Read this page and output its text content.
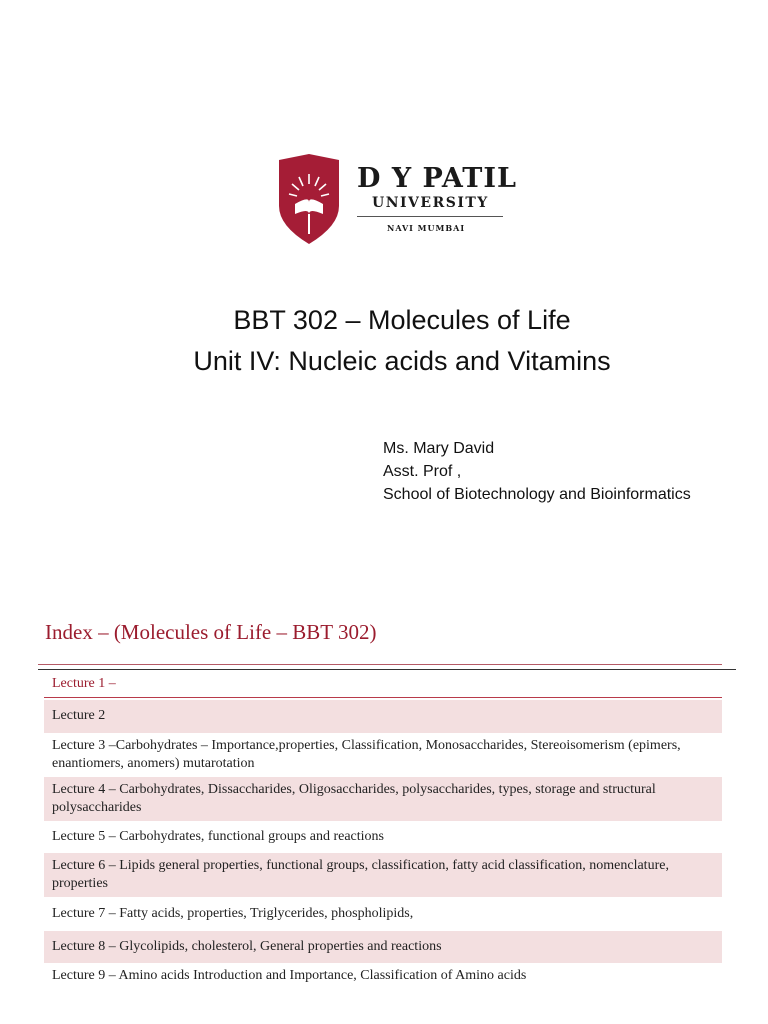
D Y PATIL
UNIVERSITY
NAVI MUMBAI
BBT 302 – Molecules of Life
Unit IV: Nucleic acids and Vitamins
Ms. Mary David
Asst. Prof ,
School of Biotechnology and Bioinformatics
Index – (Molecules of Life – BBT 302)
Lecture 1 –
Lecture 2
Lecture 3 –Carbohydrates – Importance,properties, Classification, Monosaccharides, Stereoisomerism (epimers, enantiomers, anomers) mutarotation
Lecture 4 – Carbohydrates, Dissaccharides, Oligosaccharides, polysaccharides, types, storage and structural polysaccharides
Lecture 5 – Carbohydrates, functional groups and reactions
Lecture 6 – Lipids general properties, functional groups, classification, fatty acid classification, nomenclature, properties
Lecture 7 – Fatty acids, properties, Triglycerides, phospholipids,
Lecture 8 – Glycolipids, cholesterol, General properties and reactions
Lecture 9 – Amino acids Introduction and Importance, Classification of Amino acids
